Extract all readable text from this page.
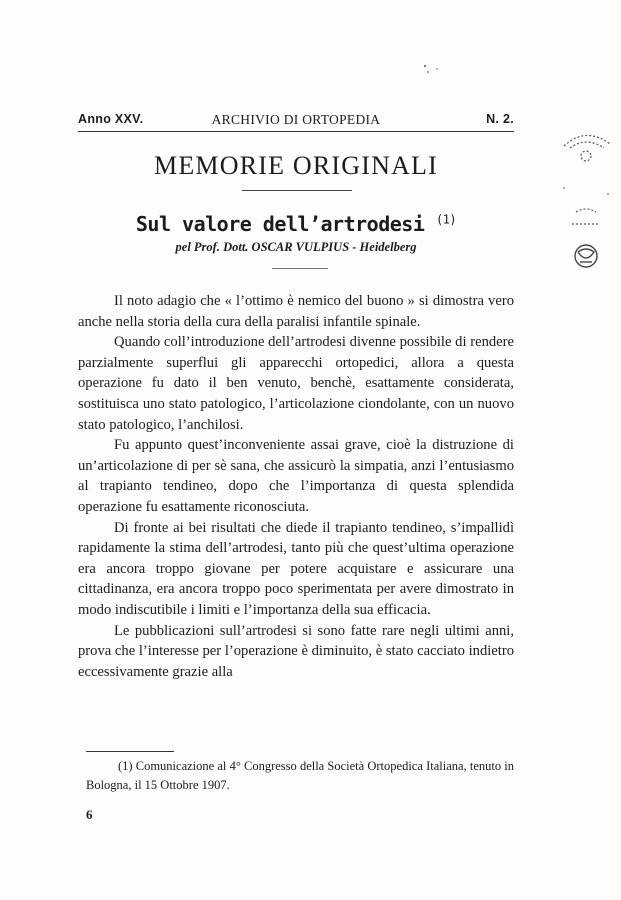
Anno XXV.	ARCHIVIO DI ORTOPEDIA	N. 2.
MEMORIE ORIGINALI
Sul valore dell’artrodesi $^{(1)}$
pel Prof. Dott. OSCAR VULPIUS - Heidelberg

Il noto adagio che « l’ottimo è nemico del buono » si dimostra vero anche nella storia della cura della paralisi infantile spinale.

Quando coll’introduzione dell’artrodesi divenne possibile di rendere parzialmente superflui gli apparecchi ortopedici, allora a questa operazione fu dato il ben venuto, benchè, esattamente considerata, sostituisca uno stato patologico, l’articolazione ciondolante, con un nuovo stato patologico, l’anchilosi.

Fu appunto quest’inconveniente assai grave, cioè la distruzione di un’articolazione di per sè sana, che assicurò la simpatia, anzi l’entusiasmo al trapianto tendineo, dopo che l’importanza di questa splendida operazione fu esattamente riconosciuta.

Di fronte ai bei risultati che diede il trapianto tendineo, s’impallidì rapidamente la stima dell’artrodesi, tanto più che quest’ultima operazione era ancora troppo giovane per potere acquistare e assicurare una cittadinanza, era ancora troppo poco sperimentata per avere dimostrato in modo indiscutibile i limiti e l’importanza della sua efficacia.

Le pubblicazioni sull’artrodesi si sono fatte rare negli ultimi anni, prova che l’interesse per l’operazione è diminuito, è stato cacciato indietro eccessivamente grazie alla

(1) Comunicazione al 4° Congresso della Società Ortopedica Italiana, tenuto in Bologna, il 15 Ottobre 1907.
6
